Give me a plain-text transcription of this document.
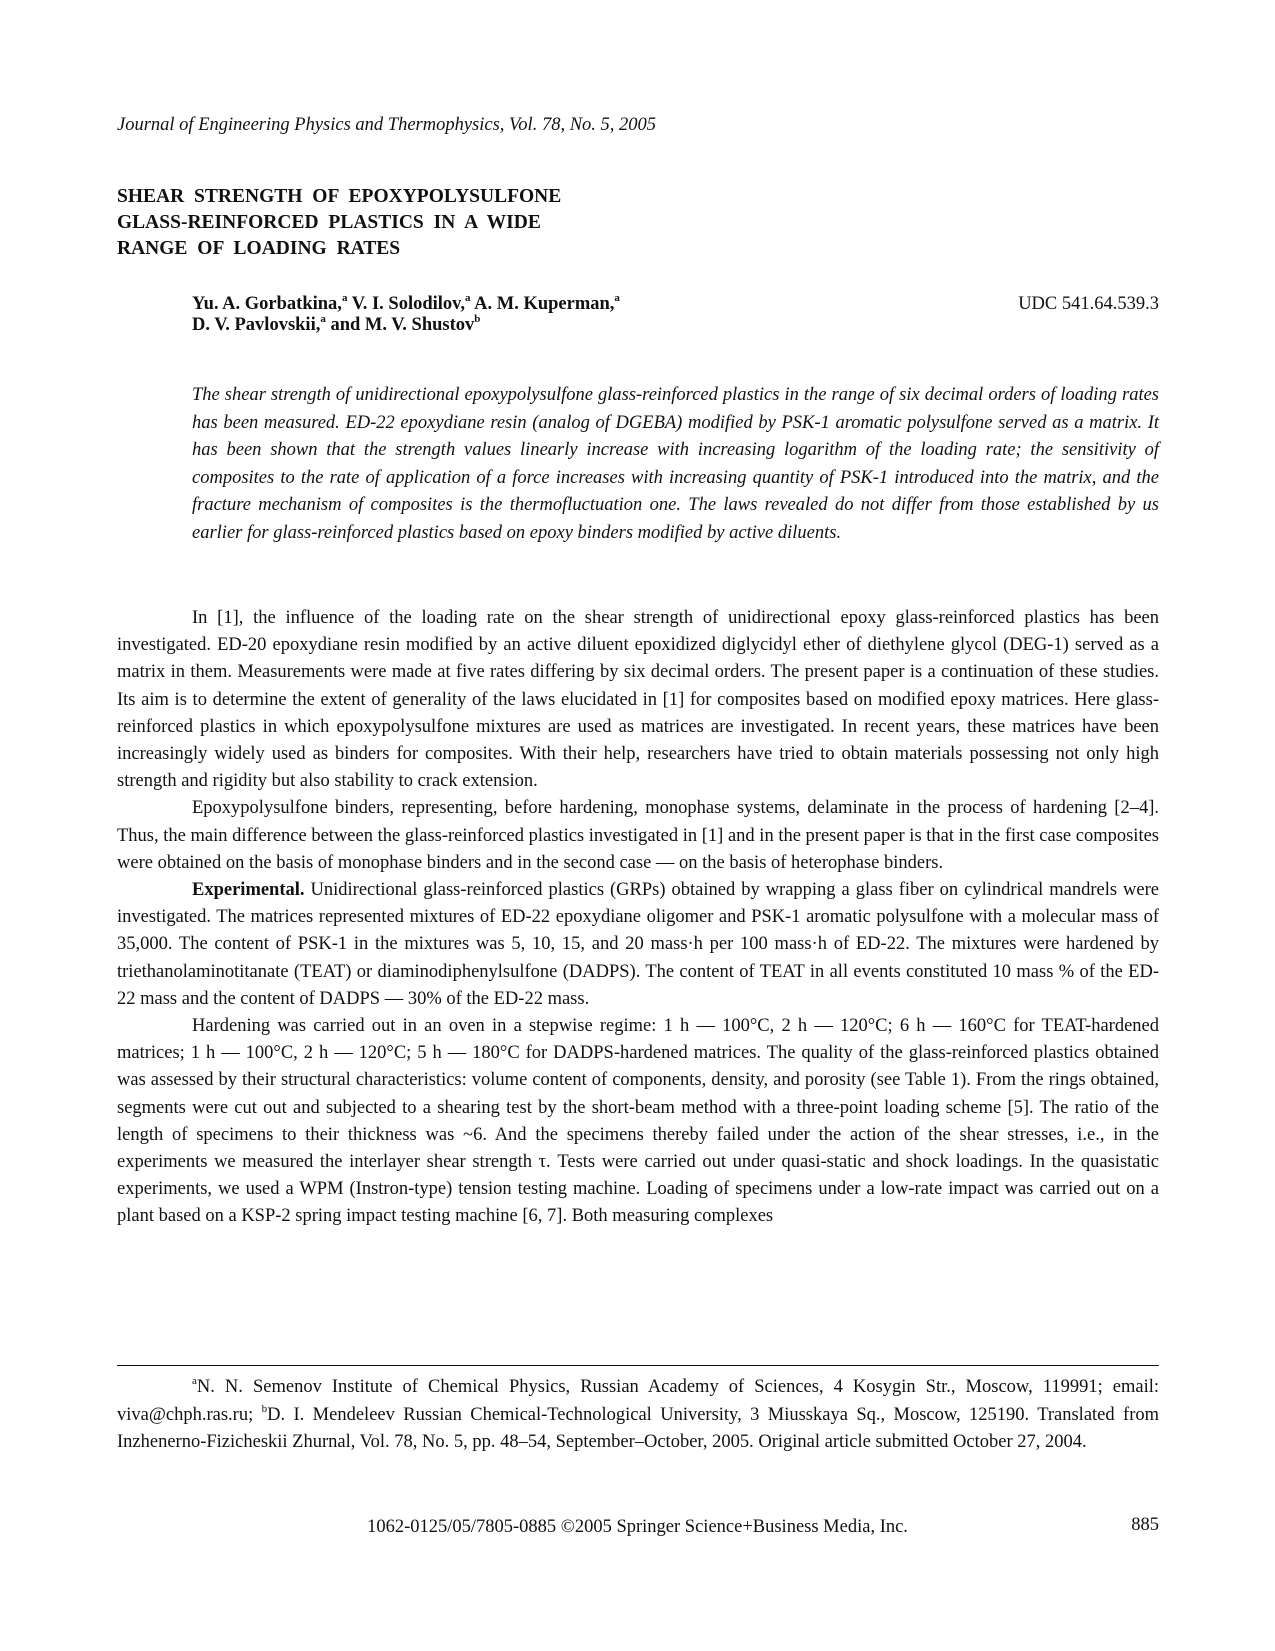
Journal of Engineering Physics and Thermophysics, Vol. 78, No. 5, 2005
SHEAR STRENGTH OF EPOXYPOLYSULFONE
GLASS-REINFORCED PLASTICS IN A WIDE
RANGE OF LOADING RATES
Yu. A. Gorbatkina,$^a$ V. I. Solodilov,$^a$ A. M. Kuperman,$^a$
D. V. Pavlovskii,$^a$ and M. V. Shustov$^b$
UDC 541.64.539.3

The shear strength of unidirectional epoxypolysulfone glass-reinforced plastics in the range of six decimal orders of loading rates has been measured. ED-22 epoxydiane resin (analog of DGEBA) modified by PSK-1 aromatic polysulfone served as a matrix. It has been shown that the strength values linearly increase with increasing logarithm of the loading rate; the sensitivity of composites to the rate of application of a force increases with increasing quantity of PSK-1 introduced into the matrix, and the fracture mechanism of composites is the thermofluctuation one. The laws revealed do not differ from those established by us earlier for glass-reinforced plastics based on epoxy binders modified by active diluents.

In [1], the influence of the loading rate on the shear strength of unidirectional epoxy glass-reinforced plastics has been investigated. ED-20 epoxydiane resin modified by an active diluent epoxidized diglycidyl ether of diethylene glycol (DEG-1) served as a matrix in them. Measurements were made at five rates differing by six decimal orders. The present paper is a continuation of these studies. Its aim is to determine the extent of generality of the laws elucidated in [1] for composites based on modified epoxy matrices. Here glass-reinforced plastics in which epoxypolysulfone mixtures are used as matrices are investigated. In recent years, these matrices have been increasingly widely used as binders for composites. With their help, researchers have tried to obtain materials possessing not only high strength and rigidity but also stability to crack extension.

Epoxypolysulfone binders, representing, before hardening, monophase systems, delaminate in the process of hardening [2–4]. Thus, the main difference between the glass-reinforced plastics investigated in [1] and in the present paper is that in the first case composites were obtained on the basis of monophase binders and in the second case — on the basis of heterophase binders.

Experimental. Unidirectional glass-reinforced plastics (GRPs) obtained by wrapping a glass fiber on cylindrical mandrels were investigated. The matrices represented mixtures of ED-22 epoxydiane oligomer and PSK-1 aromatic polysulfone with a molecular mass of 35,000. The content of PSK-1 in the mixtures was 5, 10, 15, and 20 mass·h per 100 mass·h of ED-22. The mixtures were hardened by triethanolaminotitanate (TEAT) or diaminodiphenylsulfone (DADPS). The content of TEAT in all events constituted 10 mass % of the ED-22 mass and the content of DADPS — 30% of the ED-22 mass.

Hardening was carried out in an oven in a stepwise regime: 1 h — 100°C, 2 h — 120°C; 6 h — 160°C for TEAT-hardened matrices; 1 h — 100°C, 2 h — 120°C; 5 h — 180°C for DADPS-hardened matrices. The quality of the glass-reinforced plastics obtained was assessed by their structural characteristics: volume content of components, density, and porosity (see Table 1). From the rings obtained, segments were cut out and subjected to a shearing test by the short-beam method with a three-point loading scheme [5]. The ratio of the length of specimens to their thickness was ~6. And the specimens thereby failed under the action of the shear stresses, i.e., in the experiments we measured the interlayer shear strength τ. Tests were carried out under quasi-static and shock loadings. In the quasistatic experiments, we used a WPM (Instron-type) tension testing machine. Loading of specimens under a low-rate impact was carried out on a plant based on a KSP-2 spring impact testing machine [6, 7]. Both measuring complexes

$^a$N. N. Semenov Institute of Chemical Physics, Russian Academy of Sciences, 4 Kosygin Str., Moscow, 119991; email: viva@chph.ras.ru; $^b$D. I. Mendeleev Russian Chemical-Technological University, 3 Miusskaya Sq., Moscow, 125190. Translated from Inzhenerno-Fizicheskii Zhurnal, Vol. 78, No. 5, pp. 48–54, September–October, 2005. Original article submitted October 27, 2004.

1062-0125/05/7805-0885 ©2005 Springer Science+Business Media, Inc.	885
